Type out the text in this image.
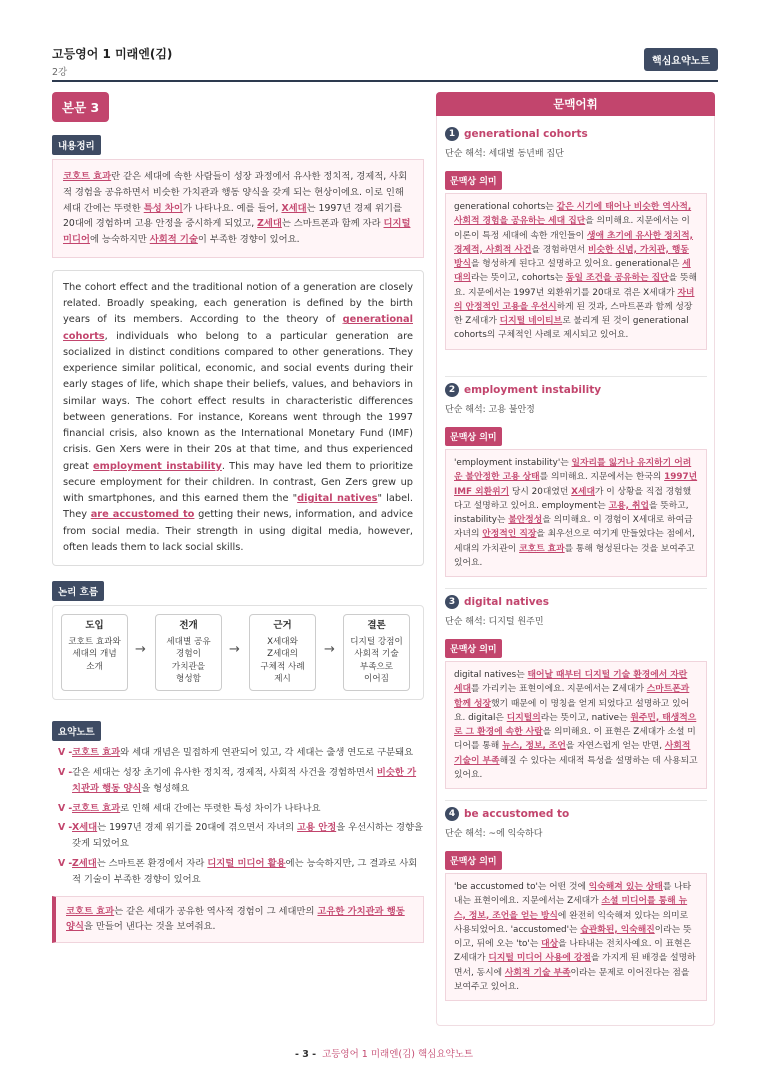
고등영어 1 미래엔(김)
2강
핵심요약노트
본문 3
내용정리
코호트 효과란 같은 세대에 속한 사람들이 성장 과정에서 유사한 정치적, 경제적, 사회적 경험을 공유하면서 비슷한 가치관과 행동 양식을 갖게 되는 현상이에요. 이로 인해 세대 간에는 뚜렷한 특성 차이가 나타나요. 예를 들어, X세대는 1997년 경제 위기를 20대에 경험하며 고용 안정을 중시하게 되었고, Z세대는 스마트폰과 함께 자라 디지털 미디어에 능숙하지만 사회적 기술이 부족한 경향이 있어요.
The cohort effect and the traditional notion of a generation are closely related. Broadly speaking, each generation is defined by the birth years of its members. According to the theory of generational cohorts, individuals who belong to a particular generation are socialized in distinct conditions compared to other generations. They experience similar political, economic, and social events during their early stages of life, which shape their beliefs, values, and behaviors in similar ways. The cohort effect results in characteristic differences between generations. For instance, Koreans went through the 1997 financial crisis, also known as the International Monetary Fund (IMF) crisis. Gen Xers were in their 20s at that time, and thus experienced great employment instability. This may have led them to prioritize secure employment for their children. In contrast, Gen Zers grew up with smartphones, and this earned them the "digital natives" label. They are accustomed to getting their news, information, and advice from social media. Their strength in using digital media, however, often leads them to lack social skills.
논리 흐름
도입
코호트 효과와
세대의 개념
소개
→
전개
세대별 공유
경험이
가치관을
형성함
→
근거
X세대와
Z세대의
구체적 사례
제시
→
결론
디지털 강점이
사회적 기술
부족으로
이어짐
요약노트
V - 코호트 효과와 세대 개념은 밀접하게 연관되어 있고, 각 세대는 출생 연도로 구분돼요
V - 같은 세대는 성장 초기에 유사한 정치적, 경제적, 사회적 사건을 경험하면서 비슷한 가치관과 행동 양식을 형성해요
V - 코호트 효과로 인해 세대 간에는 뚜렷한 특성 차이가 나타나요
V - X세대는 1997년 경제 위기를 20대에 겪으면서 자녀의 고용 안정을 우선시하는 경향을 갖게 되었어요
V - Z세대는 스마트폰 환경에서 자라 디지털 미디어 활용에는 능숙하지만, 그 결과로 사회적 기술이 부족한 경향이 있어요
코호트 효과는 같은 세대가 공유한 역사적 경험이 그 세대만의 고유한 가치관과 행동 양식을 만들어 낸다는 것을 보여줘요.
문맥어휘
1 generational cohorts
단순 해석: 세대별 동년배 집단
문맥상 의미
generational cohorts는 같은 시기에 태어나 비슷한 역사적, 사회적 경험을 공유하는 세대 집단을 의미해요. 지문에서는 이 이론이 특정 세대에 속한 개인들이 생애 초기에 유사한 정치적, 경제적, 사회적 사건을 경험하면서 비슷한 신념, 가치관, 행동 방식을 형성하게 된다고 설명하고 있어요. generational은 세대의라는 뜻이고, cohorts는 동일 조건을 공유하는 집단을 뜻해요. 지문에서는 1997년 외환위기를 20대로 겪은 X세대가 자녀의 안정적인 고용을 우선시하게 된 것과, 스마트폰과 함께 성장한 Z세대가 디지털 네이티브로 불리게 된 것이 generational cohorts의 구체적인 사례로 제시되고 있어요.
2 employment instability
단순 해석: 고용 불안정
문맥상 의미
'employment instability'는 일자리를 잃거나 유지하기 어려운 불안정한 고용 상태를 의미해요. 지문에서는 한국의 1997년 IMF 외환위기 당시 20대였던 X세대가 이 상황을 직접 경험했다고 설명하고 있어요. employment는 고용, 취업을 뜻하고, instability는 불안정성을 의미해요. 이 경험이 X세대로 하여금 자녀의 안정적인 직장을 최우선으로 여기게 만들었다는 점에서, 세대의 가치관이 코호트 효과를 통해 형성된다는 것을 보여주고 있어요.
3 digital natives
단순 해석: 디지털 원주민
문맥상 의미
digital natives는 태어날 때부터 디지털 기술 환경에서 자란 세대를 가리키는 표현이에요. 지문에서는 Z세대가 스마트폰과 함께 성장했기 때문에 이 명칭을 얻게 되었다고 설명하고 있어요. digital은 디지털의라는 뜻이고, native는 원주민, 태생적으로 그 환경에 속한 사람을 의미해요. 이 표현은 Z세대가 소셜 미디어를 통해 뉴스, 정보, 조언을 자연스럽게 얻는 반면, 사회적 기술이 부족해질 수 있다는 세대적 특성을 설명하는 데 사용되고 있어요.
4 be accustomed to
단순 해석: ~에 익숙하다
문맥상 의미
'be accustomed to'는 어떤 것에 익숙해져 있는 상태를 나타내는 표현이에요. 지문에서는 Z세대가 소셜 미디어를 통해 뉴스, 정보, 조언을 얻는 방식에 완전히 익숙해져 있다는 의미로 사용되었어요. 'accustomed'는 습관화된, 익숙해진이라는 뜻이고, 뒤에 오는 'to'는 대상을 나타내는 전치사예요. 이 표현은 Z세대가 디지털 미디어 사용에 강점을 가지게 된 배경을 설명하면서, 동시에 사회적 기술 부족이라는 문제로 이어진다는 점을 보여주고 있어요.
- 3 - 고등영어 1 미래엔(김) 핵심요약노트
